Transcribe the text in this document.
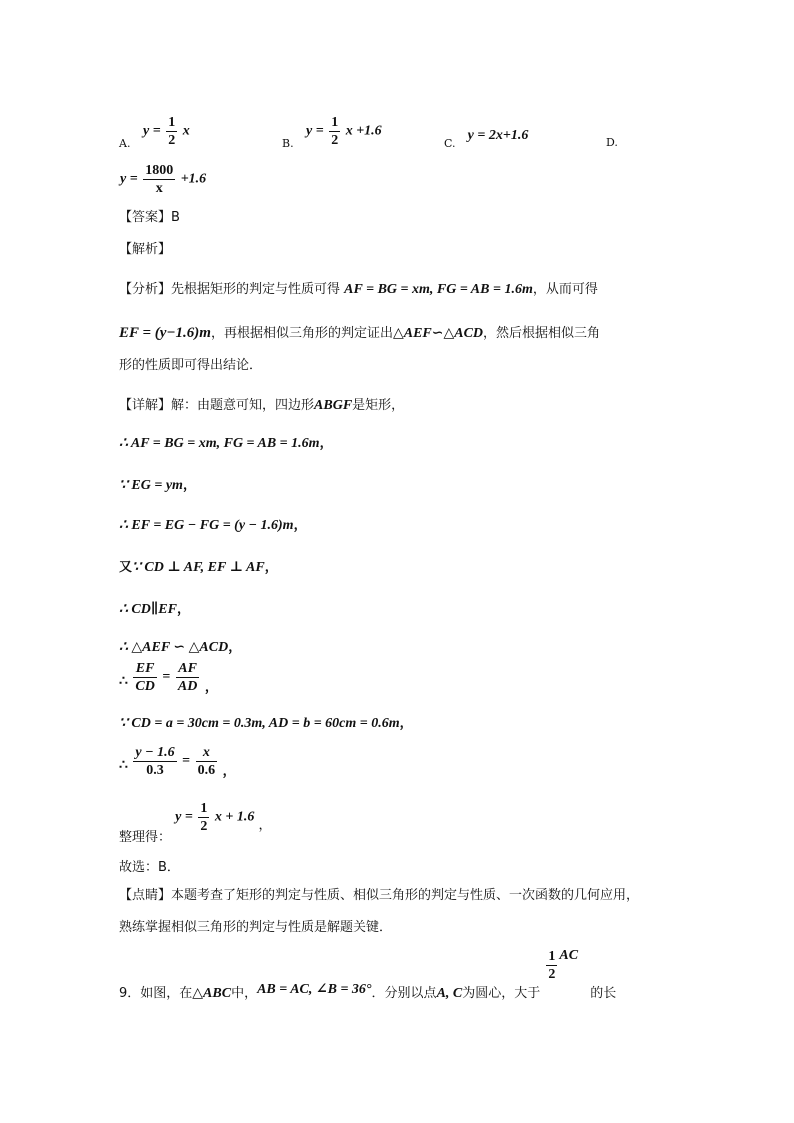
$_{A.}$
$y = \frac{1}{2}$ x
$_{B.}$
$y = \frac{1}{2}$ x +1.6
$_{C.}$ y = 2x+1.6	D.
$y = \frac{1800}{x} +1.6$
【答案】B
【解析】
【分析】先根据矩形的判定与性质可得 AF = BG = xm, FG = AB = 1.6m，从而可得
EF = (y−1.6)m，再根据相似三角形的判定证出△AEF∽△ACD，然后根据相似三角
形的性质即可得出结论．
【详解】解：由题意可知，四边形ABGF是矩形，
∴ AF = BG = xm, FG = AB = 1.6m，
∵ EG = ym，
∴ EF = EG − FG = (y − 1.6)m，
又∵ CD ⊥ AF, EF ⊥ AF，
∴ CD∥EF，
∴ △AEF ∽ △ACD，
∴ $\frac{EF}{CD} = \frac{AF}{AD}$ ，
∵ CD = a = 30cm = 0.3m, AD = b = 60cm = 0.6m，
∴ $\frac{y - 1.6}{0.3} = \frac{x}{0.6}$ ，
整理得： $y = \frac{1}{2}$ x + 1.6 ，
故选：B．
【点睛】本题考查了矩形的判定与性质、相似三角形的判定与性质、一次函数的几何应用，
熟练掌握相似三角形的判定与性质是解题关键．
9．如图，在△ABC中，AB = AC, ∠B = 36°．分别以点A, C为圆心，大于
$\frac{1}{2}$ AC 的长
